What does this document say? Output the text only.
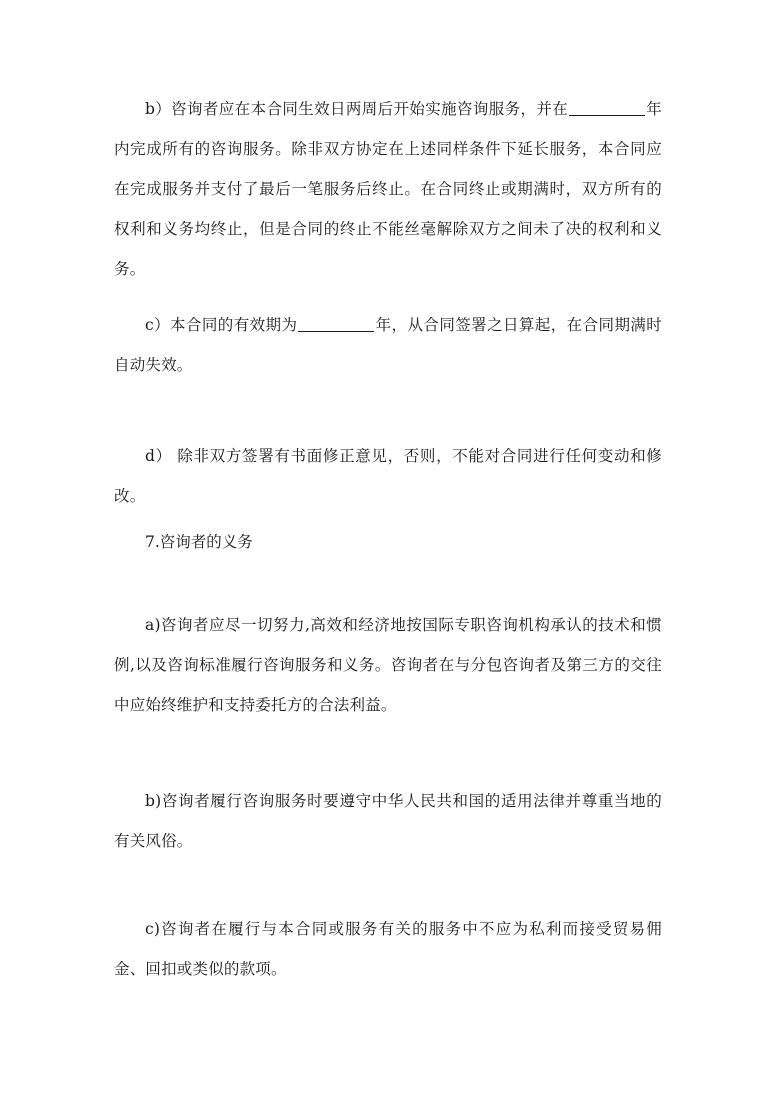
b）咨询者应在本合同生效日两周后开始实施咨询服务，并在	年内完成所有的咨询服务。除非双方协定在上述同样条件下延长服务，本合同应在完成服务并支付了最后一笔服务后终止。在合同终止或期满时，双方所有的权利和义务均终止，但是合同的终止不能丝毫解除双方之间未了决的权利和义务。

c）本合同的有效期为	年，从合同签署之日算起，在合同期满时自动失效。

d） 除非双方签署有书面修正意见，否则，不能对合同进行任何变动和修改。

7.咨询者的义务

a)咨询者应尽一切努力,高效和经济地按国际专职咨询机构承认的技术和惯例,以及咨询标准履行咨询服务和义务。咨询者在与分包咨询者及第三方的交往中应始终维护和支持委托方的合法利益。

b)咨询者履行咨询服务时要遵守中华人民共和国的适用法律并尊重当地的有关风俗。

c)咨询者在履行与本合同或服务有关的服务中不应为私利而接受贸易佣金、回扣或类似的款项。
